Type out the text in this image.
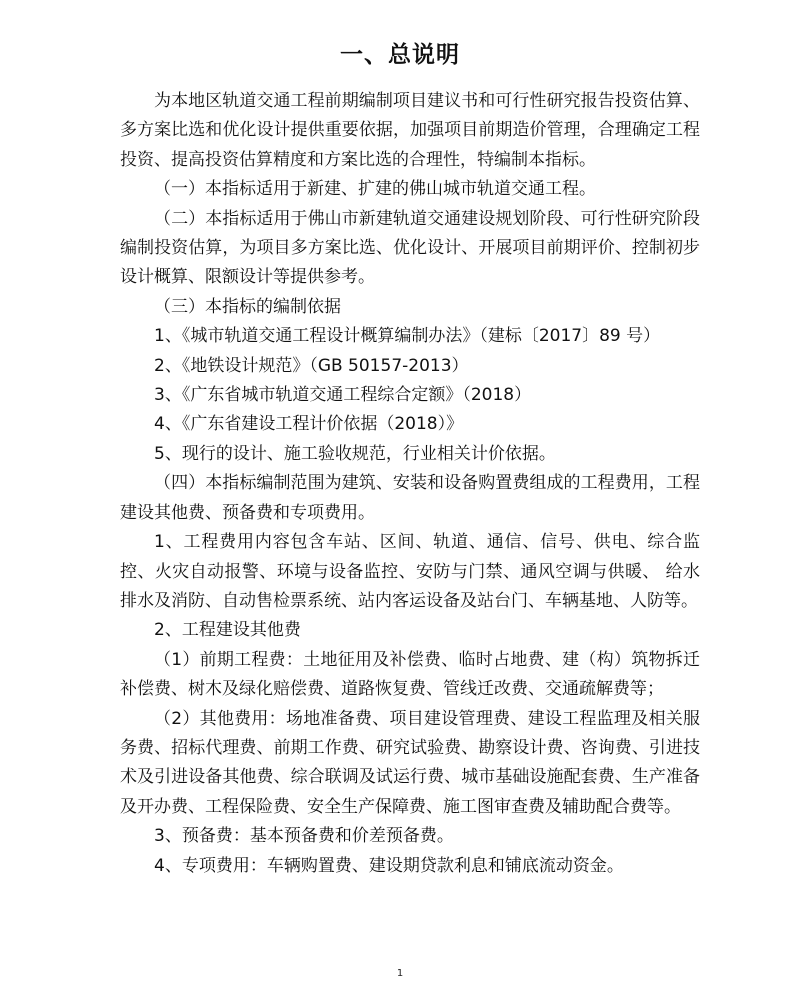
一、总说明

为本地区轨道交通工程前期编制项目建议书和可行性研究报告投资估算、多方案比选和优化设计提供重要依据，加强项目前期造价管理，合理确定工程投资、提高投资估算精度和方案比选的合理性，特编制本指标。

（一）本指标适用于新建、扩建的佛山城市轨道交通工程。

（二）本指标适用于佛山市新建轨道交通建设规划阶段、可行性研究阶段编制投资估算，为项目多方案比选、优化设计、开展项目前期评价、控制初步设计概算、限额设计等提供参考。

（三）本指标的编制依据

1、《城市轨道交通工程设计概算编制办法》（建标〔2017〕89 号）

2、《地铁设计规范》（GB 50157-2013）

3、《广东省城市轨道交通工程综合定额》（2018）

4、《广东省建设工程计价依据（2018）》

5、现行的设计、施工验收规范，行业相关计价依据。

（四）本指标编制范围为建筑、安装和设备购置费组成的工程费用，工程建设其他费、预备费和专项费用。

1、工程费用内容包含车站、区间、轨道、通信、信号、供电、综合监控、火灾自动报警、环境与设备监控、安防与门禁、通风空调与供暖、 给水排水及消防、自动售检票系统、站内客运设备及站台门、车辆基地、人防等。

2、工程建设其他费

（1）前期工程费：土地征用及补偿费、临时占地费、建（构）筑物拆迁补偿费、树木及绿化赔偿费、道路恢复费、管线迁改费、交通疏解费等；

（2）其他费用：场地准备费、项目建设管理费、建设工程监理及相关服务费、招标代理费、前期工作费、研究试验费、勘察设计费、咨询费、引进技术及引进设备其他费、综合联调及试运行费、城市基础设施配套费、生产准备及开办费、工程保险费、安全生产保障费、施工图审查费及辅助配合费等。

3、预备费：基本预备费和价差预备费。

4、专项费用：车辆购置费、建设期贷款利息和铺底流动资金。

1
